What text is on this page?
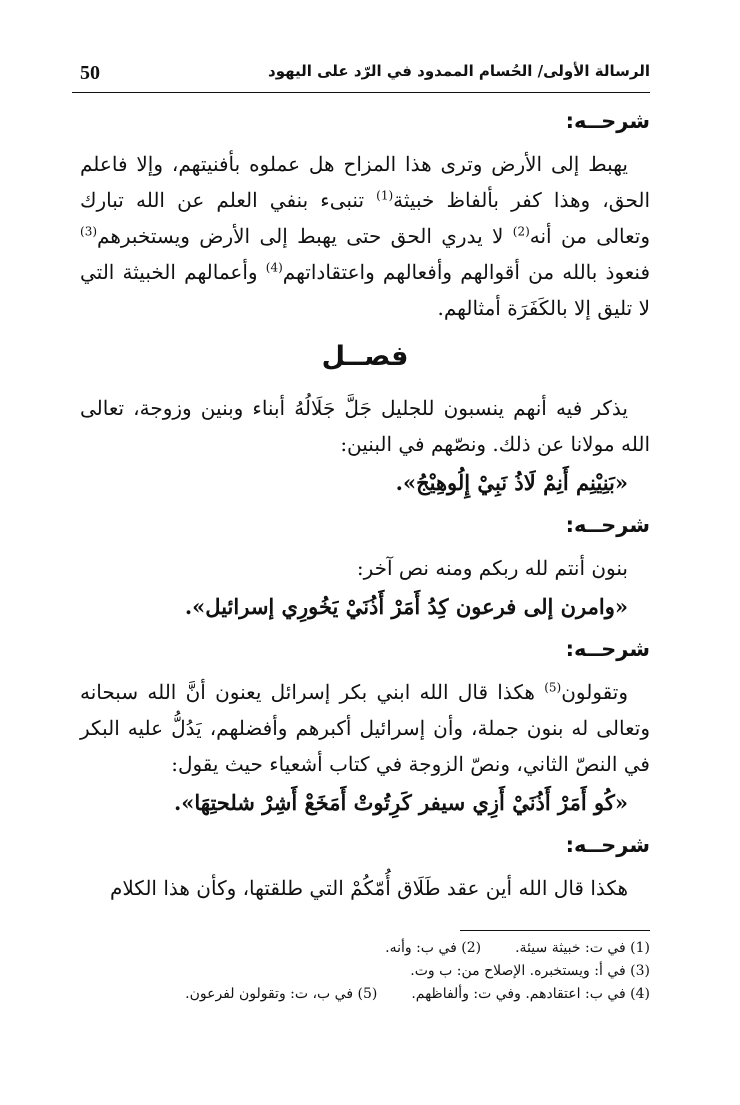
50	الرسالة الأولى/ الحُسام الممدود في الرّد على اليهود
شرحــه:

يهبط إلى الأرض وترى هذا المزاح هل عملوه بأفنيتهم، وإلا فاعلم الحق، وهذا كفر بألفاظ خبيثة$^{(1)}$ تنبىء بنفي العلم عن الله تبارك وتعالى من أنه$^{(2)}$ لا يدري الحق حتى يهبط إلى الأرض ويستخبرهم$^{(3)}$ فنعوذ بالله من أقوالهم وأفعالهم واعتقاداتهم$^{(4)}$ وأعمالهم الخبيثة التي لا تليق إلا بالكَفَرَة أمثالهم.

فصــل

يذكر فيه أنهم ينسبون للجليل جَلَّ جَلَالُهُ أبناء وبنين وزوجة، تعالى الله مولانا عن ذلك. ونصّهم في البنين:

«بَنِيْنِم أَنِمْ لَاذُ نَبِيْ إِلُوهِيْجُ».
شرحــه:

بنون أنتم لله ربكم ومنه نص آخر:

«وامرن إلى فرعون كِدُ أَمَرْ أَذُنَيْ يَخُورِي إسرائيل».
شرحــه:

وتقولون$^{(5)}$ هكذا قال الله ابني بكر إسرائل يعنون أنَّ الله سبحانه وتعالى له بنون جملة، وأن إسرائيل أكبرهم وأفضلهم، يَدُلُّ عليه البكر في النصّ الثاني، ونصّ الزوجة في كتاب أشعياء حيث يقول:

«كُو أَمَرْ أَذُنَيْ أَزِي سيفر كَرِتُوتْ أَمَخَعْ أَشِرْ شلحتِهَا».
شرحــه:

هكذا قال الله أين عقد طَلَاق أُمّكُمْ التي طلقتها، وكأن هذا الكلام

(1) في ت: خبيثة سيئة.(2) في ب: وأنه.
(3) في أ: ويستخبره. الإصلاح من: ب وت.
(4) في ب: اعتقادهم. وفي ت: وألفاظهم.(5) في ب، ت: وتقولون لفرعون.
